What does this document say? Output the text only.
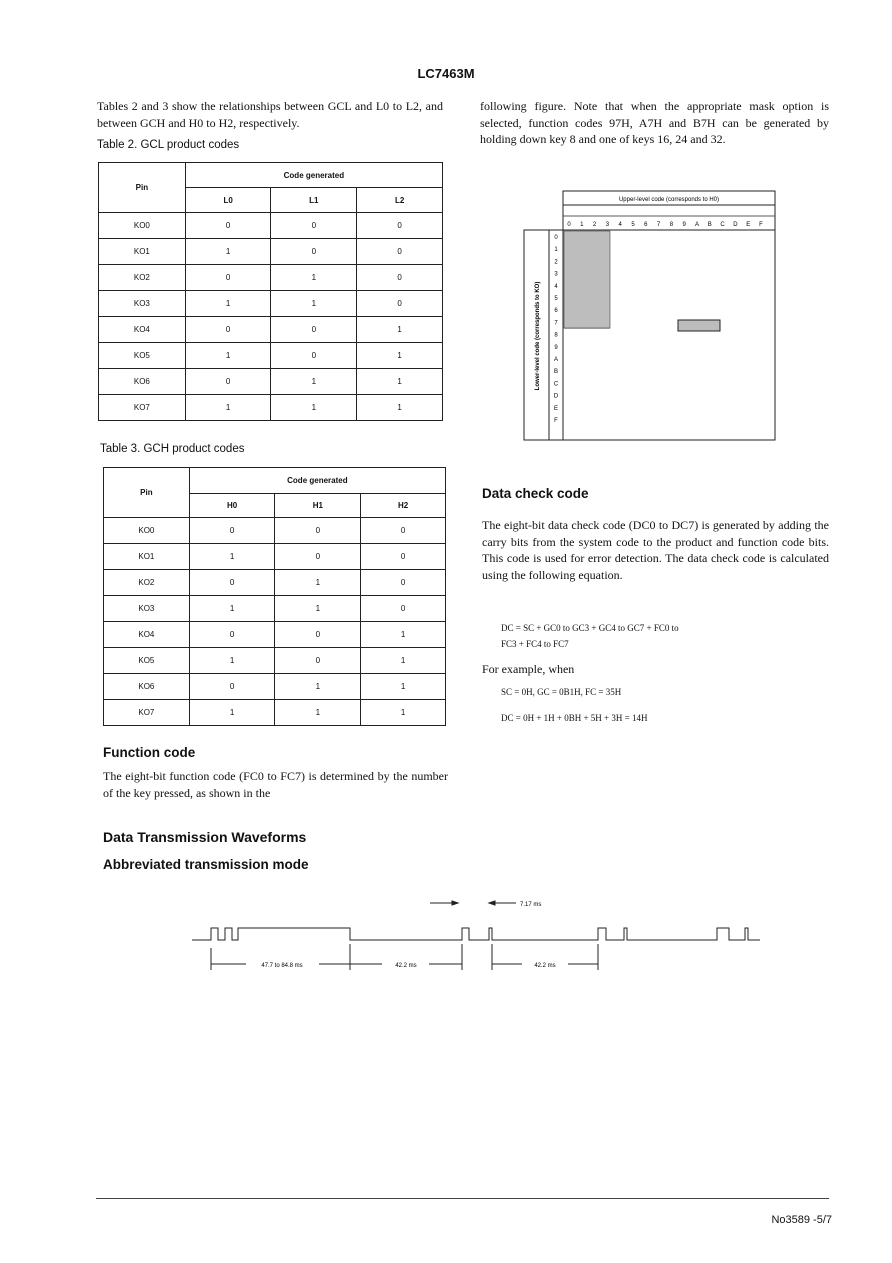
LC7463M
Tables 2 and 3 show the relationships between GCL and L0 to L2, and between GCH and H0 to H2, respectively.
Table 2. GCL product codes
Pin	Code generated		
	L0	L1	L2
KO0	0	0	0
KO1	1	0	0
KO2	0	1	0
KO3	1	1	0
KO4	0	0	1
KO5	1	0	1
KO6	0	1	1
KO7	1	1	1
Table 3. GCH product codes
Pin	Code generated		
	H0	H1	H2
KO0	0	0	0
KO1	1	0	0
KO2	0	1	0
KO3	1	1	0
KO4	0	0	1
KO5	1	0	1
KO6	0	1	1
KO7	1	1	1
Function code
The eight-bit function code (FC0 to FC7) is determined by the number of the key pressed, as shown in the
Data Transmission Waveforms
Abbreviated transmission mode
following figure. Note that when the appropriate mask option is selected, function codes 97H, A7H and B7H can be generated by holding down key 8 and one of keys 16, 24 and 32.
Upper-level code (corresponds to H0)
0 1 2 3 4 5 6 7 8 9 A B C D E F
0
1
2
3
4
5
6
7
8
9
A
B
C
D
E
F
Lower-level code (corresponds to KO)
Data check code
The eight-bit data check code (DC0 to DC7) is generated by adding the carry bits from the system code to the product and function code bits. This code is used for error detection. The data check code is calculated using the following equation.
DC = SC + GC0 to GC3 + GC4 to GC7 + FC0 to
FC3 + FC4 to FC7
For example, when
SC = 0H, GC = 0B1H, FC = 35H
DC = 0H + 1H + 0BH + 5H + 3H = 14H
7.17 ms
47.7 to 84.8 ms	42.2 ms	42.2 ms
No3589 -5/7
